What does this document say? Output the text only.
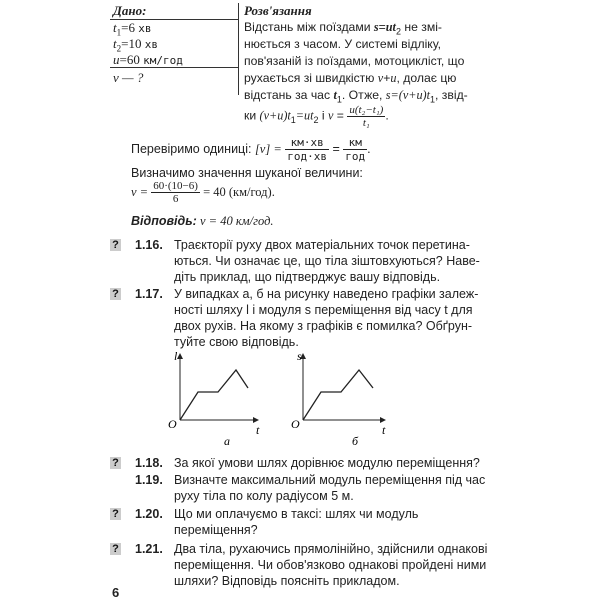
Дано:
$t_1=6$ хв
$t_2=10$ хв
u=60 км/год
v — ?
Розв'язання
Відстань між поїздами $s=ut_2$ не змі-
нюється з часом. У системі відліку,
пов'язаній із поїздами, мотоцикліст, що
рухається зі швидкістю v+u, долає цю
відстань за час $t_1$. Отже, $s=(v+u)t_1$, звід-
ки $(v+u)t_1=ut_2$ і $v = \frac{\text{u(t₂−t₁)}}{\text{t₁}}$ .
Перевіримо одиниці: $[v] = \frac{км\cdot хв}{\text{год·хв}} = \frac{км}{\text{год}}$ .
Визначимо значення шуканої величини:
$v = \frac{60\cdot(10-6)}{6} = 40$ (км/год).
Відповідь: v = 40 км/год.
? 1.16. Траєкторії руху двох матеріальних точок перетинаються. Чи означає це, що тіла зіштовхуються? Наведіть приклад, що підтверджує вашу відповідь.
? 1.17. У випадках а, б на рисунку наведено графіки залежності шляху l і модуля s переміщення від часу t для двох рухів. На якому з графіків є помилка? Обґрунтуйте свою відповідь.
l
t
O
s
t
O
а	б
? 1.18. За якої умови шлях дорівнює модулю переміщення?
1.19. Визначте максимальний модуль переміщення під час руху тіла по колу радіусом 5 м.
? 1.20. Що ми оплачуємо в таксі: шлях чи модуль переміщення?
? 1.21. Два тіла, рухаючись прямолінійно, здійснили однакові переміщення. Чи обов'язково однакові пройдені ними шляхи? Відповідь поясніть прикладом.
6
